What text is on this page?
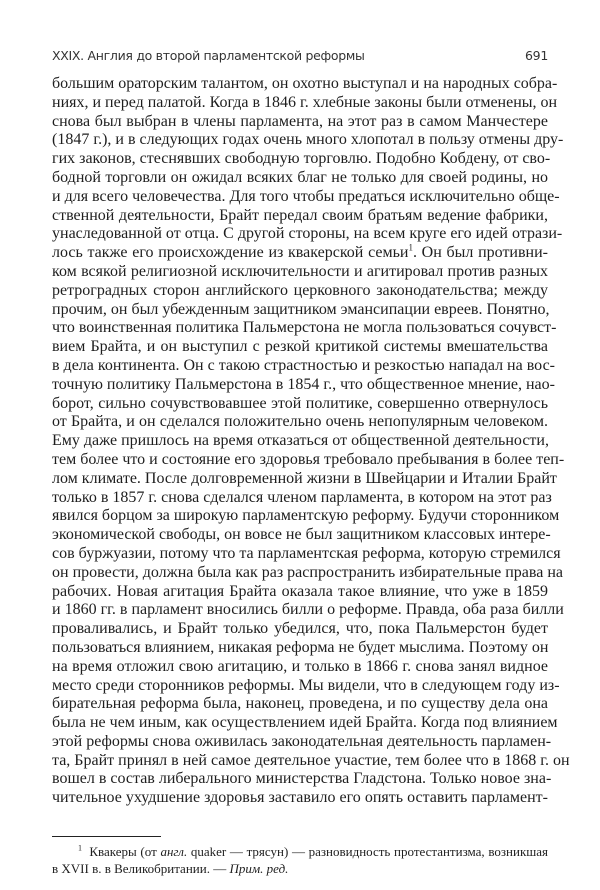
XXIX. Англия до второй парламентской реформы	691
большим ораторским талантом, он охотно выступал и на народных собра-
ниях, и перед палатой. Когда в 1846 г. хлебные законы были отменены, он
снова был выбран в члены парламента, на этот раз в самом Манчестере
(1847 г.), и в следующих годах очень много хлопотал в пользу отмены дру-
гих законов, стеснявших свободную торговлю. Подобно Кобдену, от сво-
бодной торговли он ожидал всяких благ не только для своей родины, но
и для всего человечества. Для того чтобы предаться исключительно обще-
ственной деятельности, Брайт передал своим братьям ведение фабрики,
унаследованной от отца. С другой стороны, на всем круге его идей отрази-
лось также его происхождение из квакерской семьи$^1$. Он был противни-
ком всякой религиозной исключительности и агитировал против разных
ретроградных сторон английского церковного законодательства; между
прочим, он был убежденным защитником эмансипации евреев. Понятно,
что воинственная политика Пальмерстона не могла пользоваться сочувст-
вием Брайта, и он выступил с резкой критикой системы вмешательства
в дела континента. Он с такою страстностью и резкостью нападал на вос-
точную политику Пальмерстона в 1854 г., что общественное мнение, нао-
борот, сильно сочувствовавшее этой политике, совершенно отвернулось
от Брайта, и он сделался положительно очень непопулярным человеком.
Ему даже пришлось на время отказаться от общественной деятельности,
тем более что и состояние его здоровья требовало пребывания в более теп-
лом климате. После долговременной жизни в Швейцарии и Италии Брайт
только в 1857 г. снова сделался членом парламента, в котором на этот раз
явился борцом за широкую парламентскую реформу. Будучи сторонником
экономической свободы, он вовсе не был защитником классовых интере-
сов буржуазии, потому что та парламентская реформа, которую стремился
он провести, должна была как раз распространить избирательные права на
рабочих. Новая агитация Брайта оказала такое влияние, что уже в 1859
и 1860 гг. в парламент вносились билли о реформе. Правда, оба раза билли
проваливались, и Брайт только убедился, что, пока Пальмерстон будет
пользоваться влиянием, никакая реформа не будет мыслима. Поэтому он
на время отложил свою агитацию, и только в 1866 г. снова занял видное
место среди сторонников реформы. Мы видели, что в следующем году из-
бирательная реформа была, наконец, проведена, и по существу дела она
была не чем иным, как осуществлением идей Брайта. Когда под влиянием
этой реформы снова оживилась законодательная деятельность парламен-
та, Брайт принял в ней самое деятельное участие, тем более что в 1868 г. он
вошел в состав либерального министерства Гладстона. Только новое зна-
чительное ухудшение здоровья заставило его опять оставить парламент-
$^1$ Квакеры (от англ. quaker — трясун) — разновидность протестантизма, возникшая
в XVII в. в Великобритании. — Прим. ред.
